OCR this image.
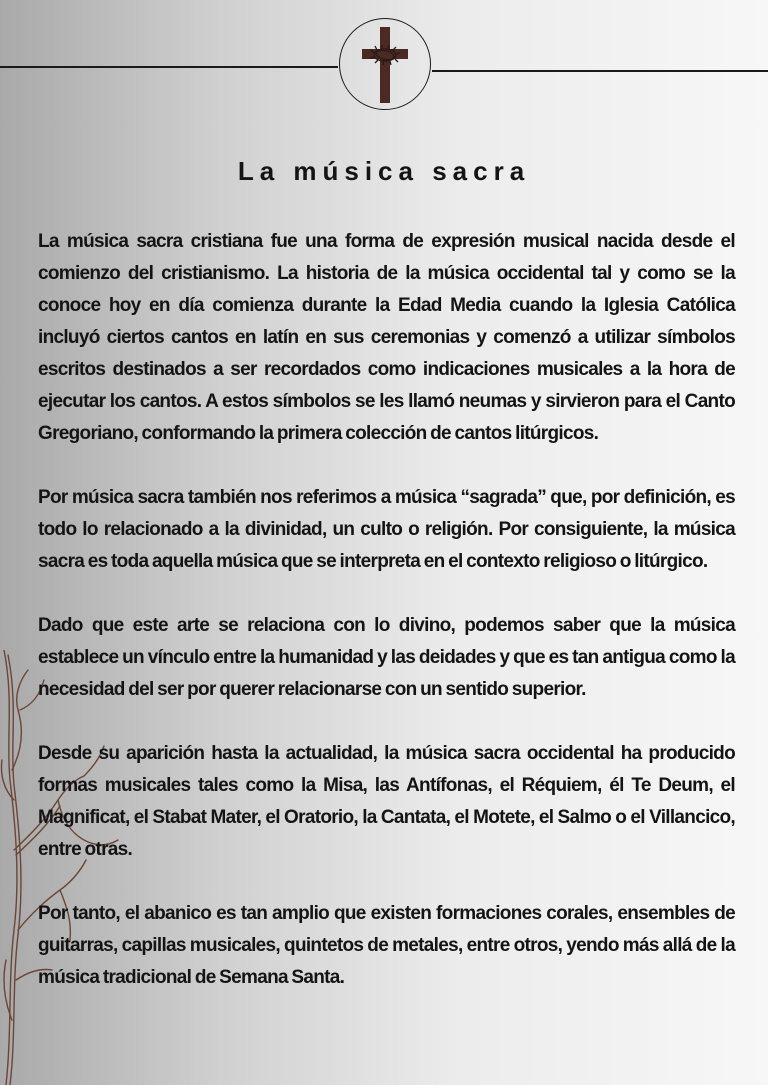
La música sacra

La música sacra cristiana fue una forma de expresión musical nacida desde el comienzo del cristianismo. La historia de la música occidental tal y como se la conoce hoy en día comienza durante la Edad Media cuando la Iglesia Católica incluyó ciertos cantos en latín en sus ceremonias y comenzó a utilizar símbolos escritos destinados a ser recordados como indicaciones musicales a la hora de ejecutar los cantos. A estos símbolos se les llamó neumas y sirvieron para el Canto Gregoriano, conformando la primera colección de cantos litúrgicos.

Por música sacra también nos referimos a música “sagrada” que, por definición, es todo lo relacionado a la divinidad, un culto o religión. Por consiguiente, la música sacra es toda aquella música que se interpreta en el contexto religioso o litúrgico.

Dado que este arte se relaciona con lo divino, podemos saber que la música establece un vínculo entre la humanidad y las deidades y que es tan antigua como la necesidad del ser por querer relacionarse con un sentido superior.

Desde su aparición hasta la actualidad, la música sacra occidental ha producido formas musicales tales como la Misa, las Antífonas, el Réquiem, él Te Deum, el Magnificat, el Stabat Mater, el Oratorio, la Cantata, el Motete, el Salmo o el Villancico, entre otras.

Por tanto, el abanico es tan amplio que existen formaciones corales, ensembles de guitarras, capillas musicales, quintetos de metales, entre otros, yendo más allá de la música tradicional de Semana Santa.
